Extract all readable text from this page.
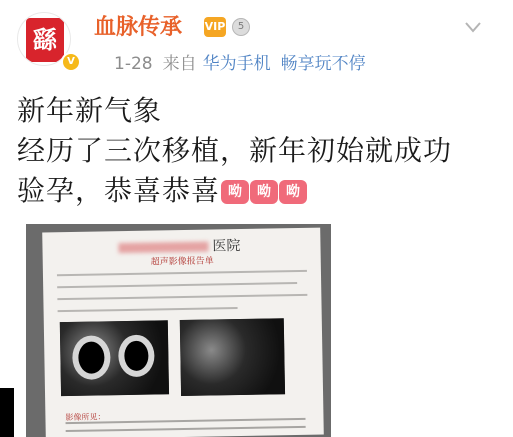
繇
V
血脉传承 VIP	5
1-28 来自 华为手机 畅享玩不停
新年新气象
经历了三次移植，新年初始就成功
验孕，恭喜恭喜 呦 呦 呦
医院
超声影像报告单
影像所见：
